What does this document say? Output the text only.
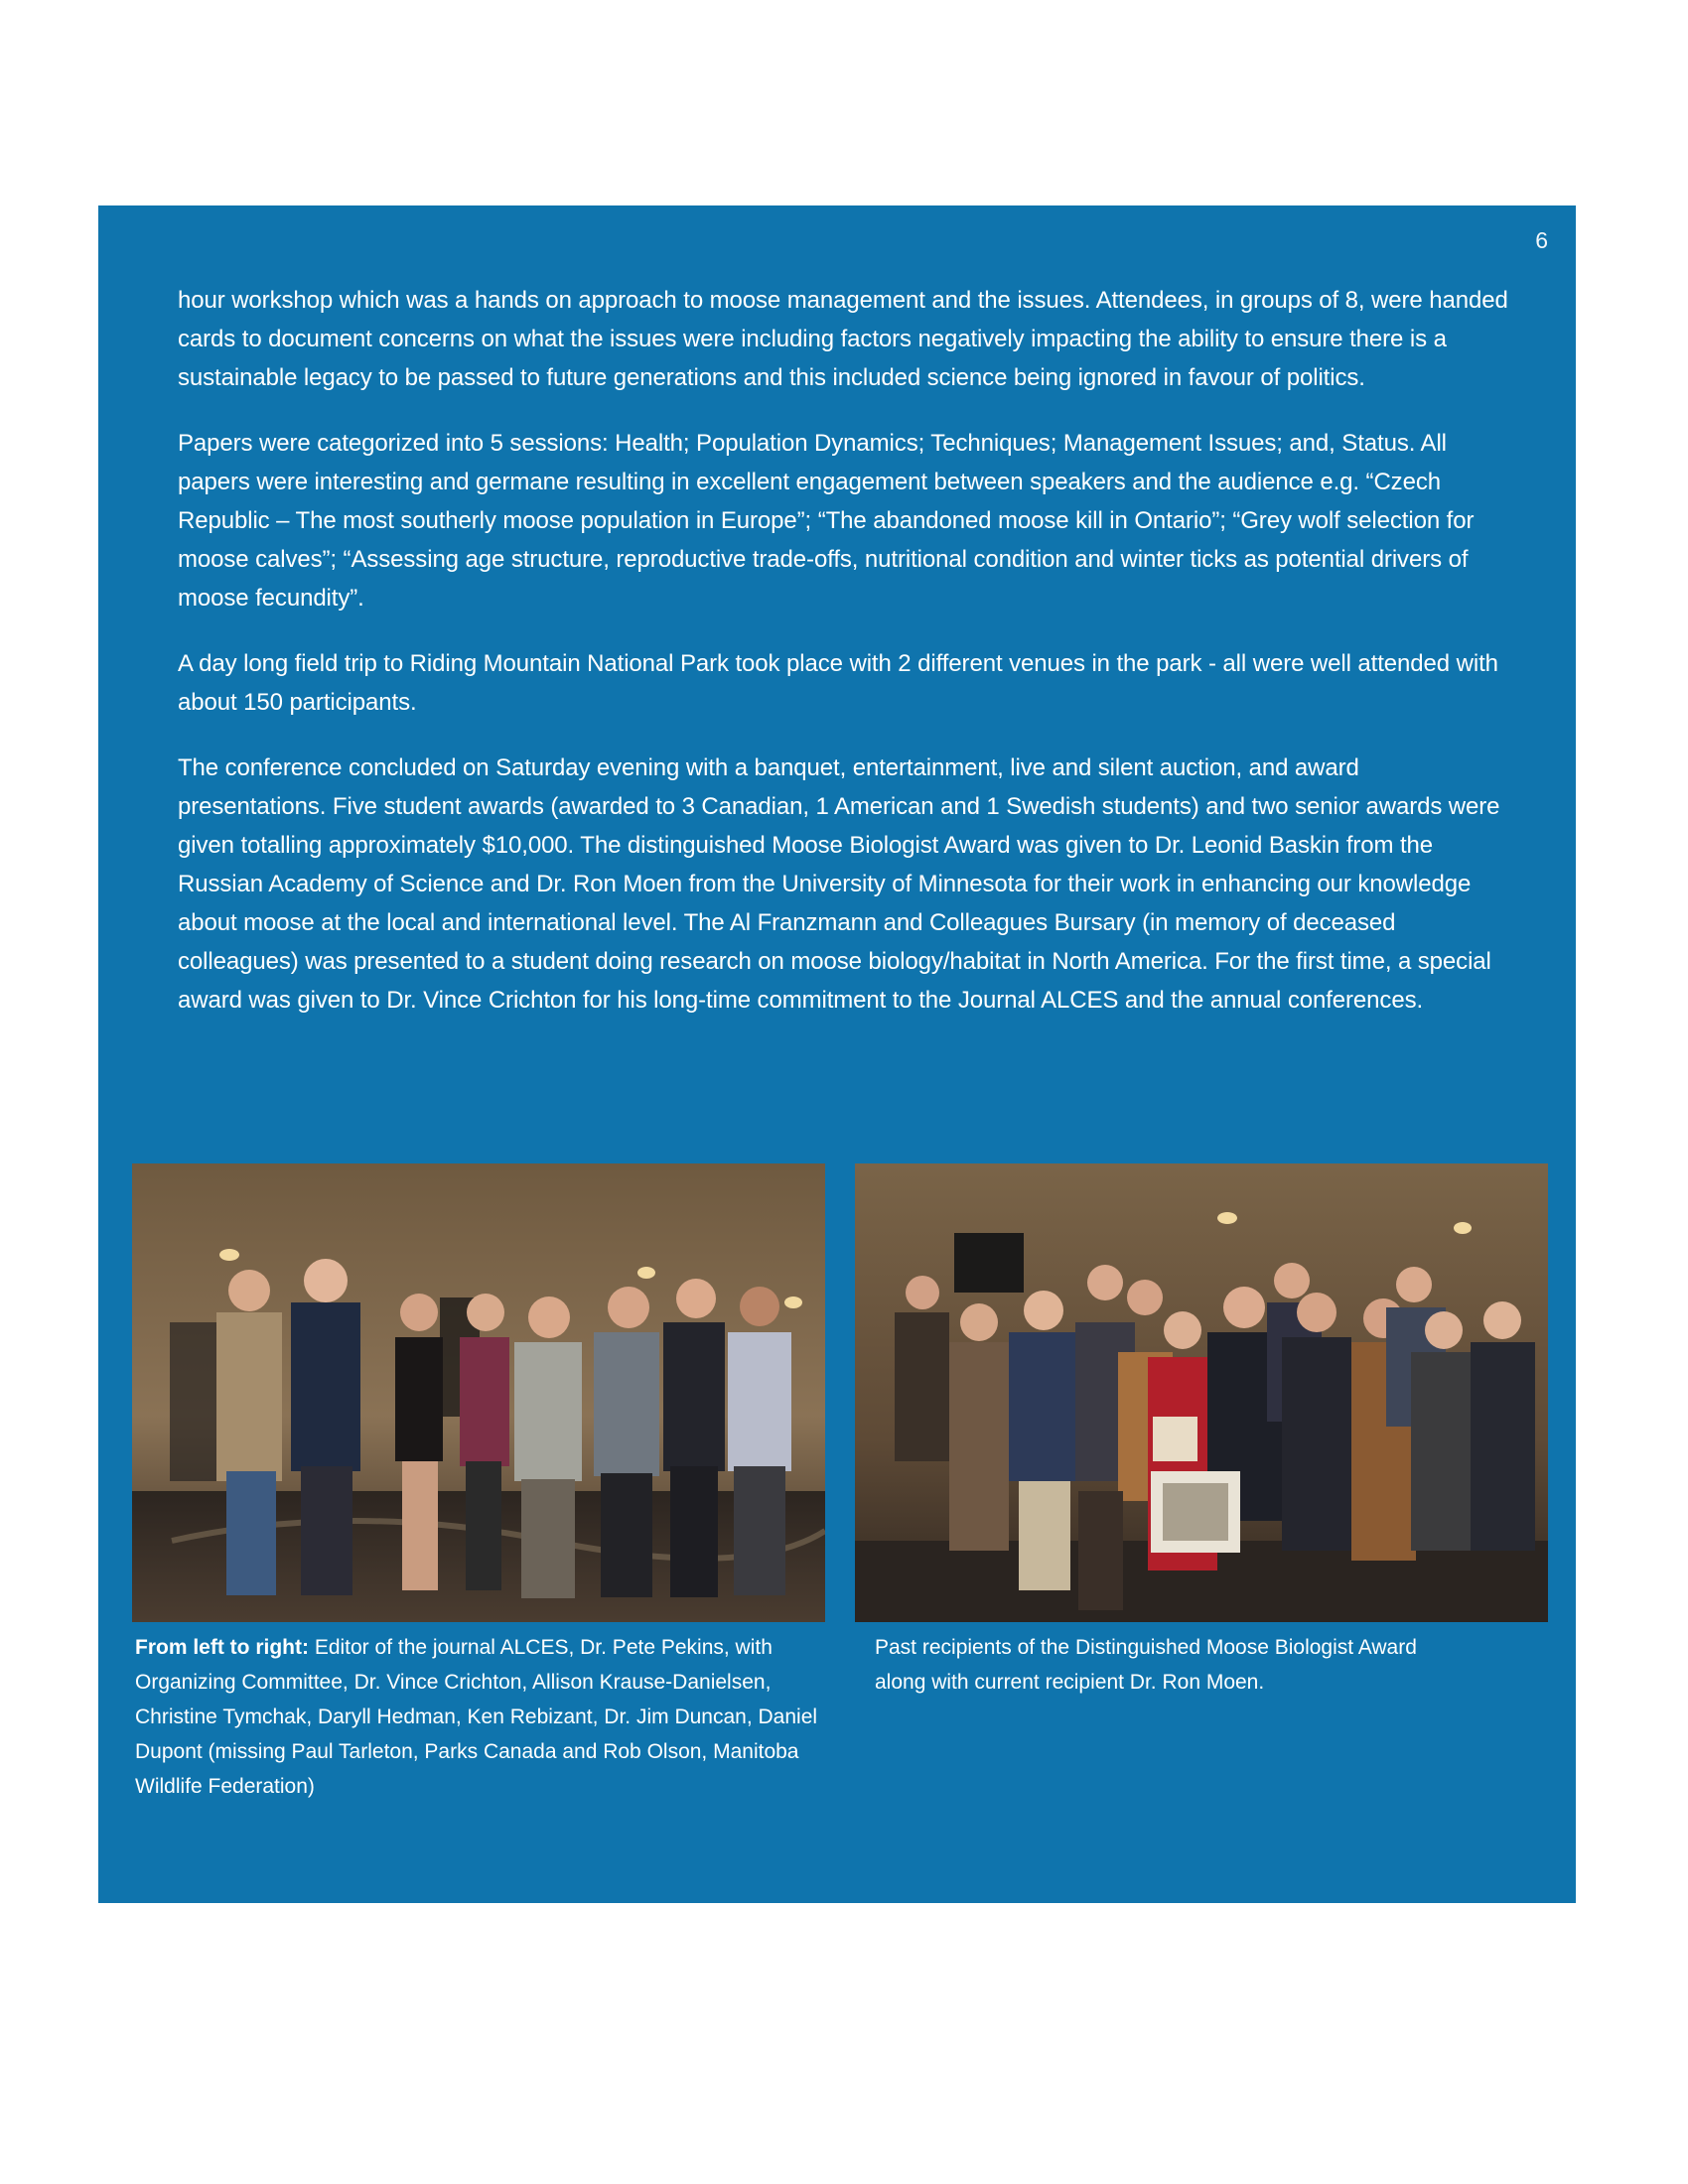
6

hour workshop which was a hands on approach to moose management and the issues. Attendees, in groups of 8, were handed cards to document concerns on what the issues were including factors negatively impacting the ability to ensure there is a sustainable legacy to be passed to future generations and this included science being ignored in favour of politics.

Papers were categorized into 5 sessions: Health; Population Dynamics; Techniques; Management Issues; and, Status. All papers were interesting and germane resulting in excellent engagement between speakers and the audience e.g. “Czech Republic – The most southerly moose population in Europe”; “The abandoned moose kill in Ontario”; “Grey wolf selection for moose calves”; “Assessing age structure, reproductive trade-offs, nutritional condition and winter ticks as potential drivers of moose fecundity”.

A day long field trip to Riding Mountain National Park took place with 2 different venues in the park - all were well attended with about 150 participants.

The conference concluded on Saturday evening with a banquet, entertainment, live and silent auction, and award presentations. Five student awards (awarded to 3 Canadian, 1 American and 1 Swedish students) and two senior awards were given totalling approximately $10,000. The distinguished Moose Biologist Award was given to Dr. Leonid Baskin from the Russian Academy of Science and Dr. Ron Moen from the University of Minnesota for their work in enhancing our knowledge about moose at the local and international level. The Al Franzmann and Colleagues Bursary (in memory of deceased colleagues) was presented to a student doing research on moose biology/habitat in North America. For the first time, a special award was given to Dr. Vince Crichton for his long-time commitment to the Journal ALCES and the annual conferences.

From left to right: Editor of the journal ALCES, Dr. Pete Pekins, with Organizing Committee, Dr. Vince Crichton, Allison Krause-Danielsen, Christine Tymchak, Daryll Hedman, Ken Rebizant, Dr. Jim Duncan, Daniel Dupont (missing Paul Tarleton, Parks Canada and Rob Olson, Manitoba Wildlife Federation)
Past recipients of the Distinguished Moose Biologist Award along with current recipient Dr. Ron Moen.
